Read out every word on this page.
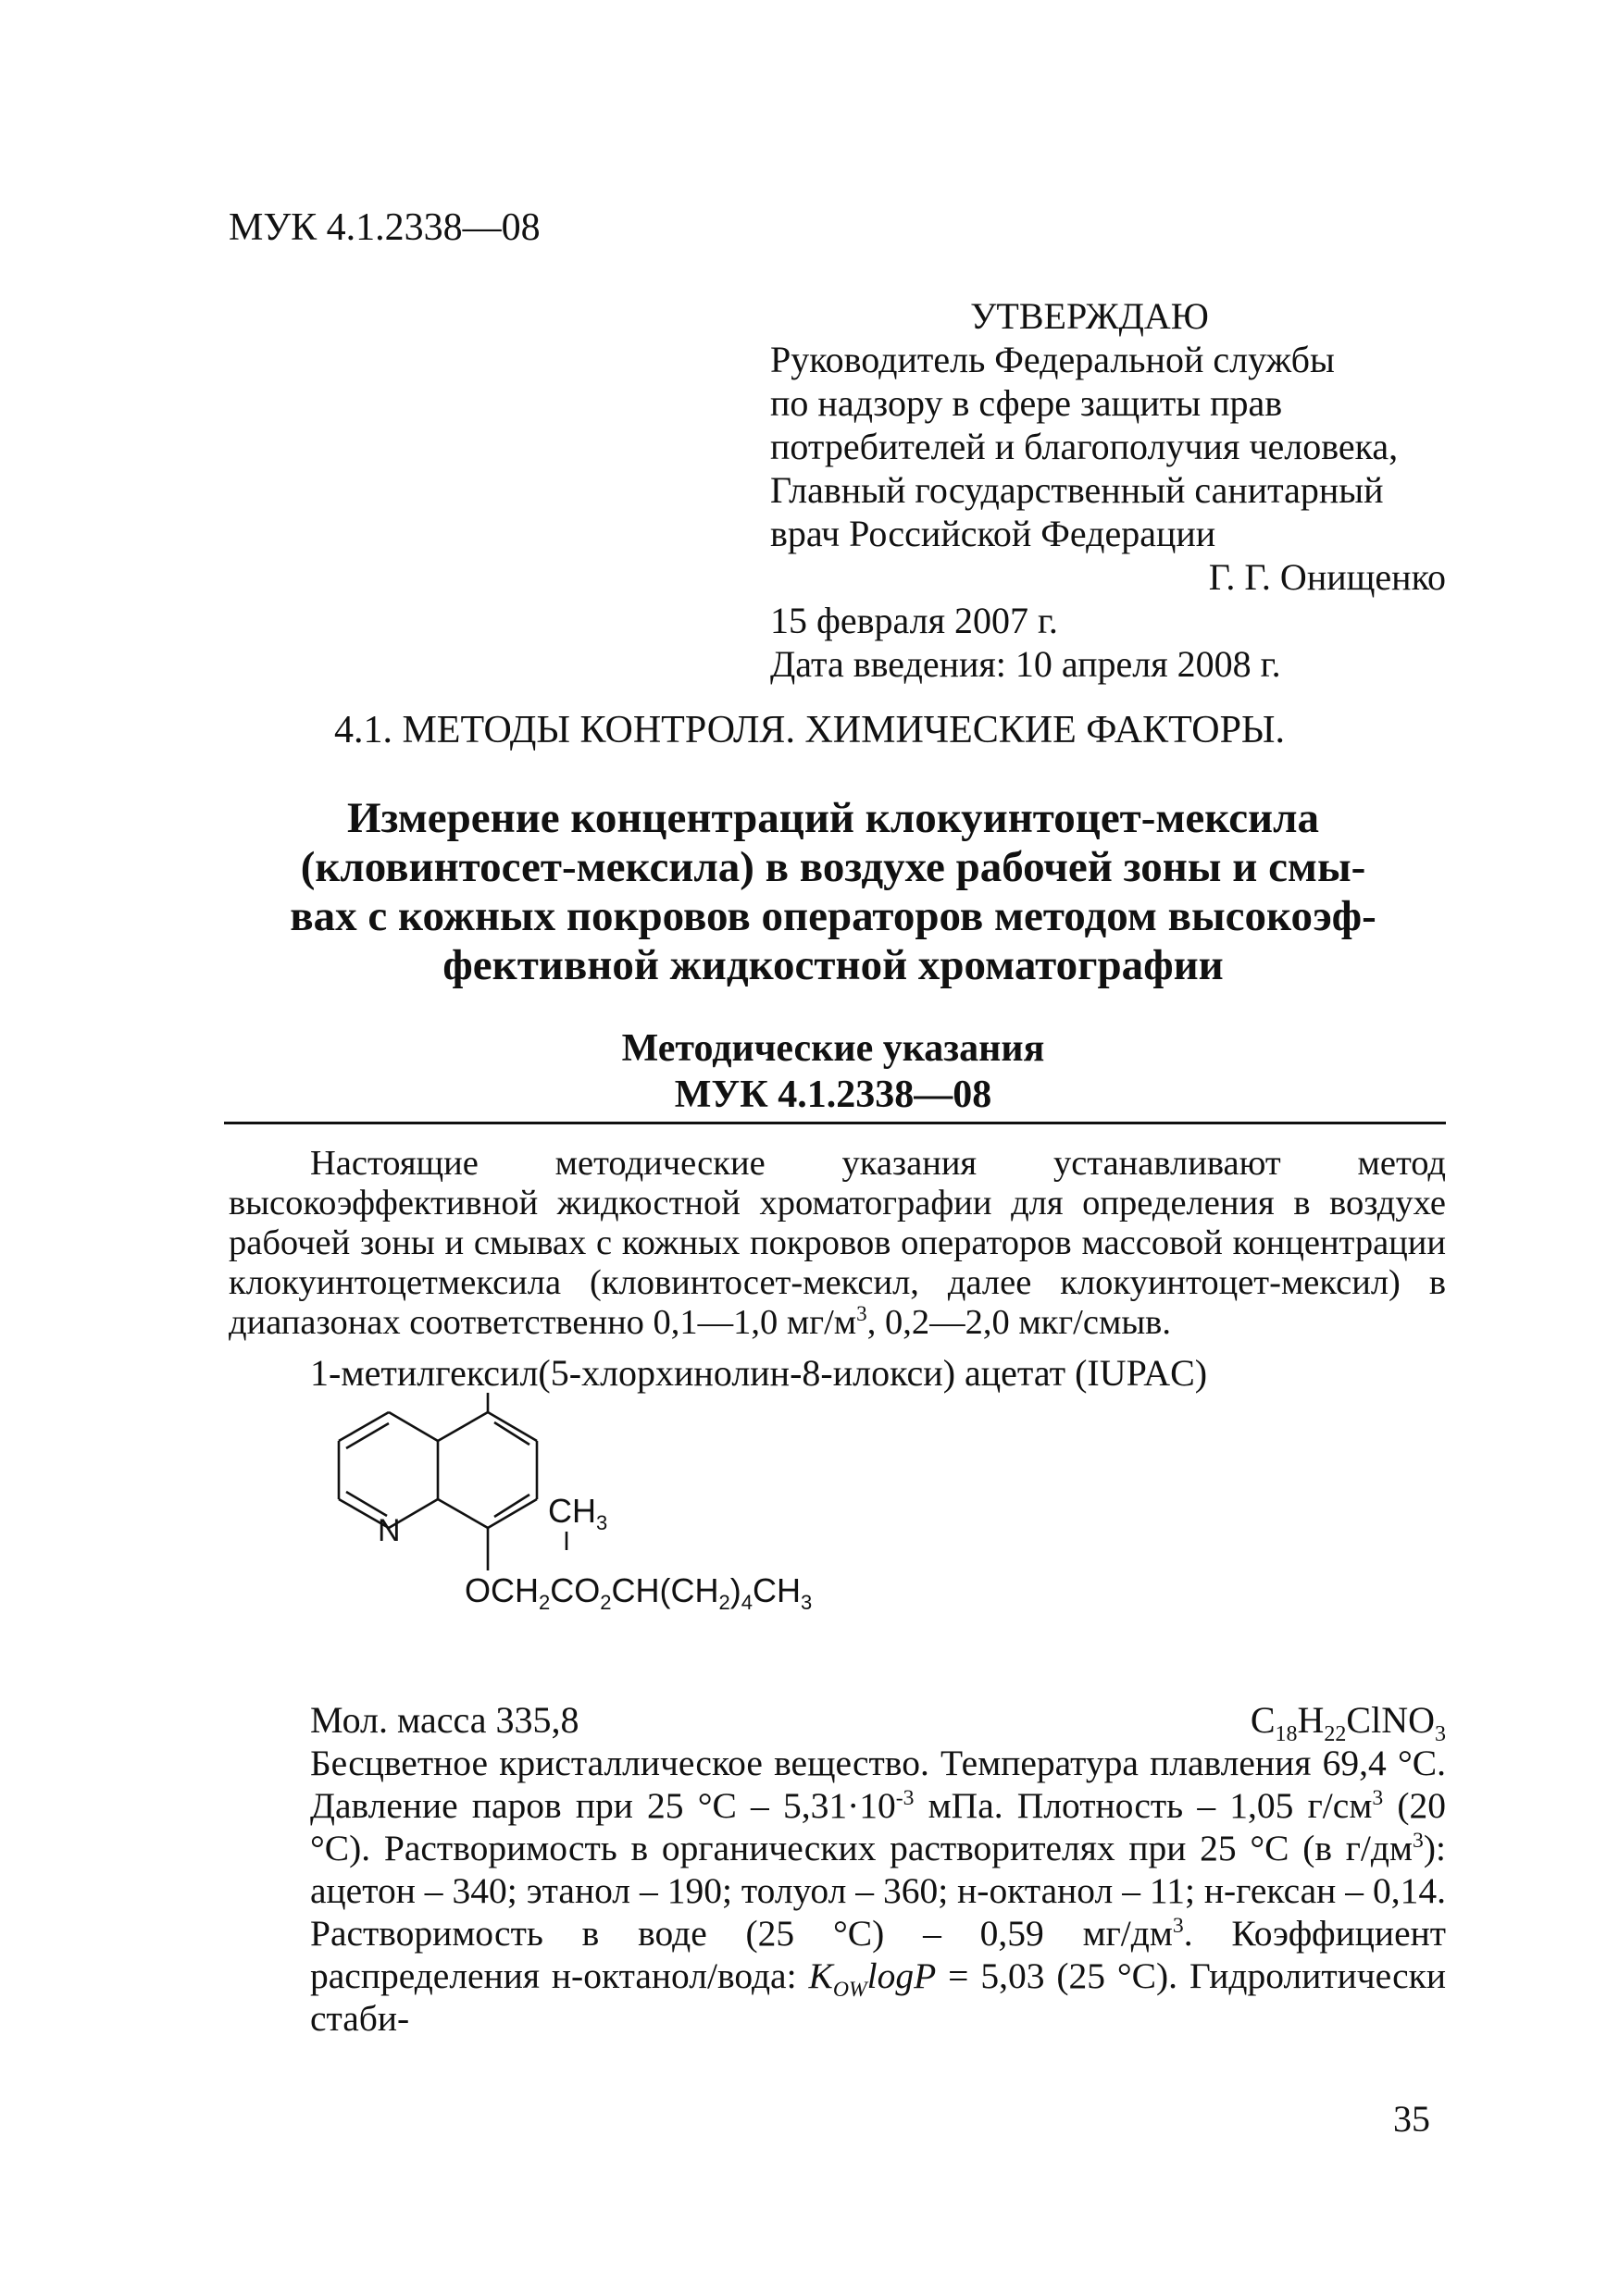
МУК 4.1.2338—08
УТВЕРЖДАЮ
Руководитель Федеральной службы
по надзору в сфере защиты прав
потребителей и благополучия человека,
Главный государственный санитарный
врач Российской Федерации
Г. Г. Онищенко
15 февраля 2007 г.
Дата введения: 10 апреля 2008 г.
4.1. МЕТОДЫ КОНТРОЛЯ. ХИМИЧЕСКИЕ ФАКТОРЫ.
Измерение концентраций клокуинтоцет-мексила
(кловинтосет-мексила) в воздухе рабочей зоны и смы-
вах с кожных покровов операторов методом высокоэф-
фективной жидкостной хроматографии
Методические указания
МУК 4.1.2338—08
Настоящие методические указания устанавливают метод высокоэффективной жидкостной хроматографии для определения в воздухе рабочей зоны и смывах с кожных покровов операторов массовой концентрации клокуинтоцетмексила (кловинтосет-мексил, далее клокуинтоцет-мексил) в диапазонах соответственно 0,1—1,0 $мг/м^3$, 0,2—2,0 мкг/смыв.
1-метилгексил(5-хлорхинолин-8-илокси) ацетат (IUPAC)
N
$CH_3$
$OCH_2CO_2CH(CH_2)_4CH_3$
Мол. масса 335,8	$C_{18}H_{22}ClNO_3$
Бесцветное кристаллическое вещество. Температура плавления 69,4 °С. Давление паров при 25 $^\circ С - 5,31\cdot 10^{-3}$ мПа. Плотность – 1,05 $г/см^3$ (20 °С). Растворимость в органических растворителях при 25 °С (в $г/дм^3$): ацетон – 340; этанол – 190; толуол – 360; н-октанол – 11; н-гексан – 0,14. Растворимость в воде (25 °С) – 0,59 $мг/дм^3$. Коэффициент распределения н-октанол/вода: $K_{OW}\log P = 5,03$ (25 °С). Гидролитически стаби-
35
